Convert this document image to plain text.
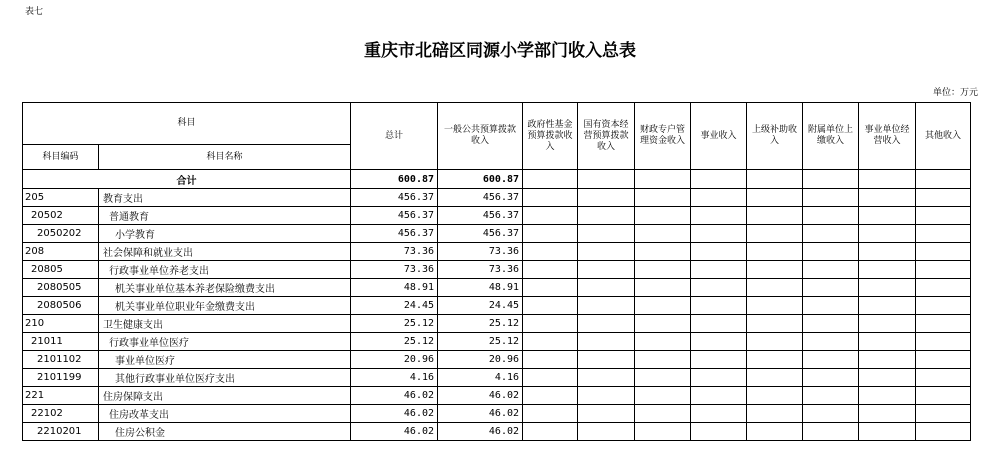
表七
重庆市北碚区同源小学部门收入总表
单位：万元
科目		总计	一般公共预算拨款收入	政府性基金预算拨款收入	国有资本经营预算拨款收入	财政专户管理资金收入	事业收入	上级补助收入	附属单位上缴收入	事业单位经营收入	其他收入
科目编码	科目名称										
合计		600.87	600.87								
205	教育支出	456.37	456.37								
20502	普通教育	456.37	456.37								
2050202	小学教育	456.37	456.37								
208	社会保障和就业支出	73.36	73.36								
20805	行政事业单位养老支出	73.36	73.36								
2080505	机关事业单位基本养老保险缴费支出	48.91	48.91								
2080506	机关事业单位职业年金缴费支出	24.45	24.45								
210	卫生健康支出	25.12	25.12								
21011	行政事业单位医疗	25.12	25.12								
2101102	事业单位医疗	20.96	20.96								
2101199	其他行政事业单位医疗支出	4.16	4.16								
221	住房保障支出	46.02	46.02								
22102	住房改革支出	46.02	46.02								
2210201	住房公积金	46.02	46.02								
